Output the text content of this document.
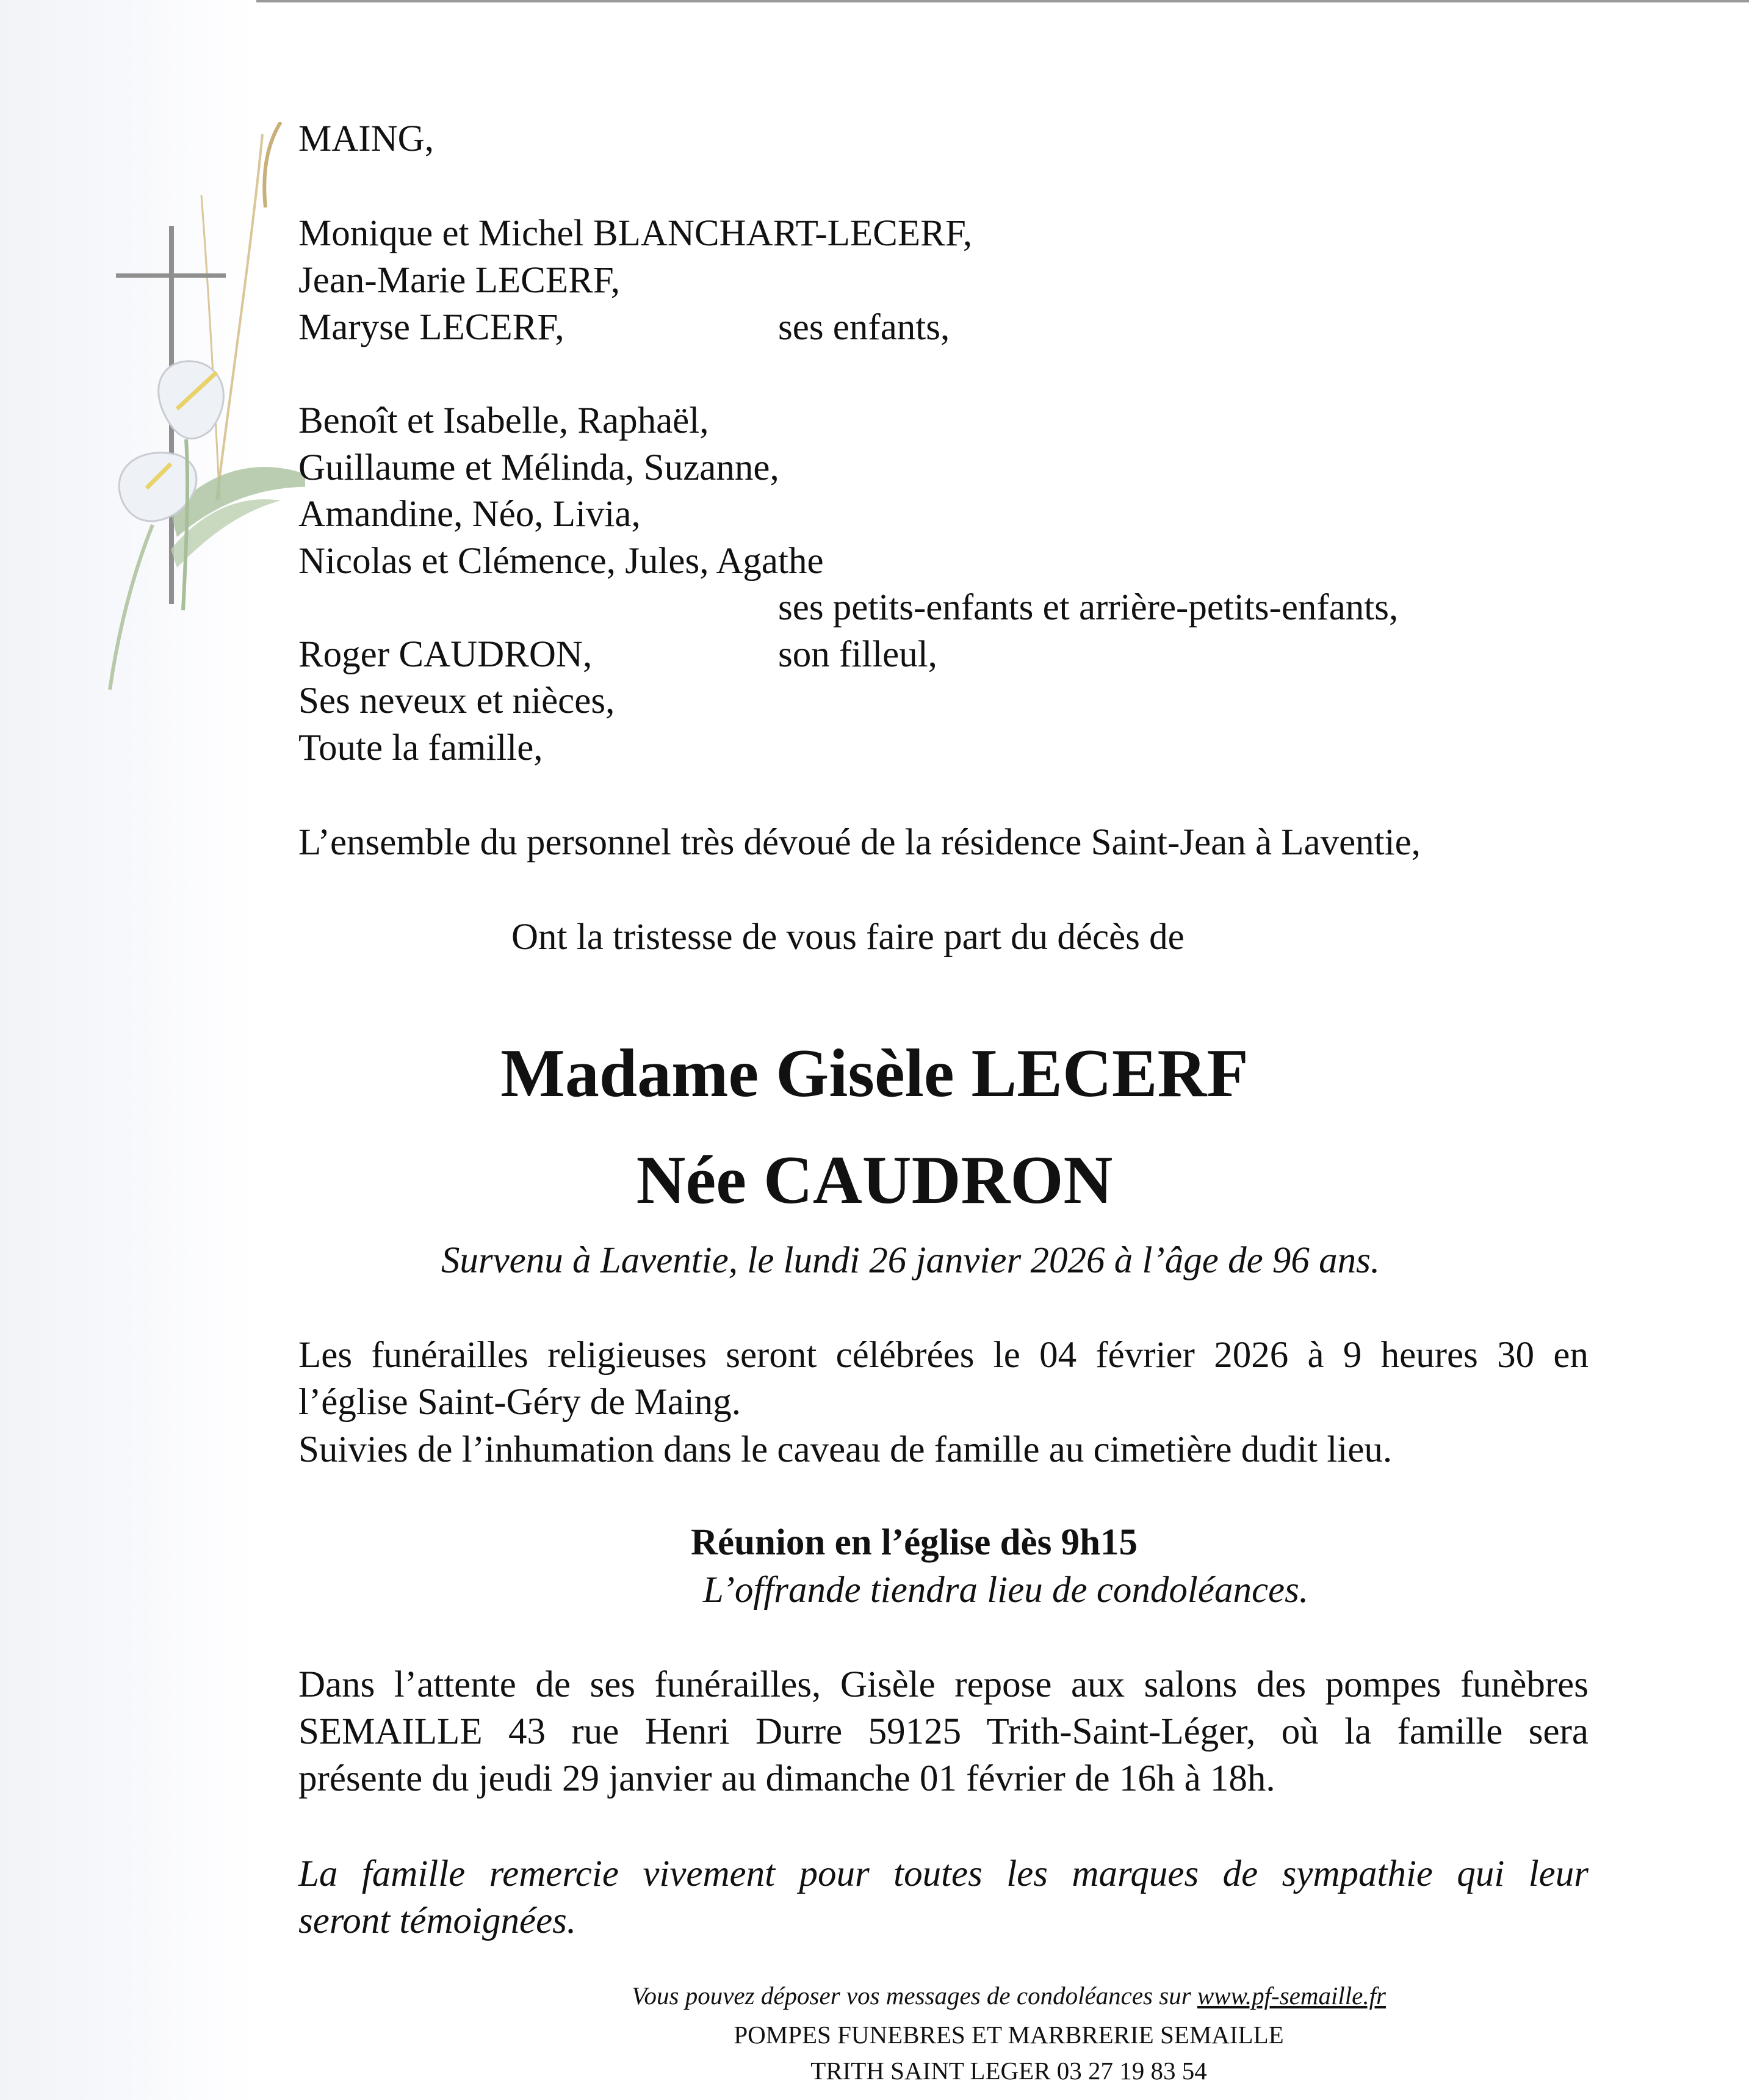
MAING,
Monique et Michel BLANCHART-LECERF,
Jean-Marie LECERF,
Maryse LECERF,	ses enfants,
Benoît et Isabelle, Raphaël,
Guillaume et Mélinda, Suzanne,
Amandine, Néo, Livia,
Nicolas et Clémence, Jules, Agathe
ses petits-enfants et arrière-petits-enfants,
Roger CAUDRON,	son filleul,
Ses neveux et nièces,
Toute la famille,
L’ensemble du personnel très dévoué de la résidence Saint-Jean à Laventie,
Ont la tristesse de vous faire part du décès de
Madame Gisèle LECERF
Née CAUDRON
Survenu à Laventie, le lundi 26 janvier 2026 à l’âge de 96 ans.
Les funérailles religieuses seront célébrées le 04 février 2026 à 9 heures 30 en
l’église Saint-Géry de Maing.
Suivies de l’inhumation dans le caveau de famille au cimetière dudit lieu.
Réunion en l’église dès 9h15
L’offrande tiendra lieu de condoléances.
Dans l’attente de ses funérailles, Gisèle repose aux salons des pompes funèbres
SEMAILLE 43 rue Henri Durre 59125 Trith-Saint-Léger, où la famille sera
présente du jeudi 29 janvier au dimanche 01 février de 16h à 18h.
La famille remercie vivement pour toutes les marques de sympathie qui leur
seront témoignées.
Vous pouvez déposer vos messages de condoléances sur www.pf-semaille.fr
POMPES FUNEBRES ET MARBRERIE SEMAILLE
TRITH SAINT LEGER 03 27 19 83 54
